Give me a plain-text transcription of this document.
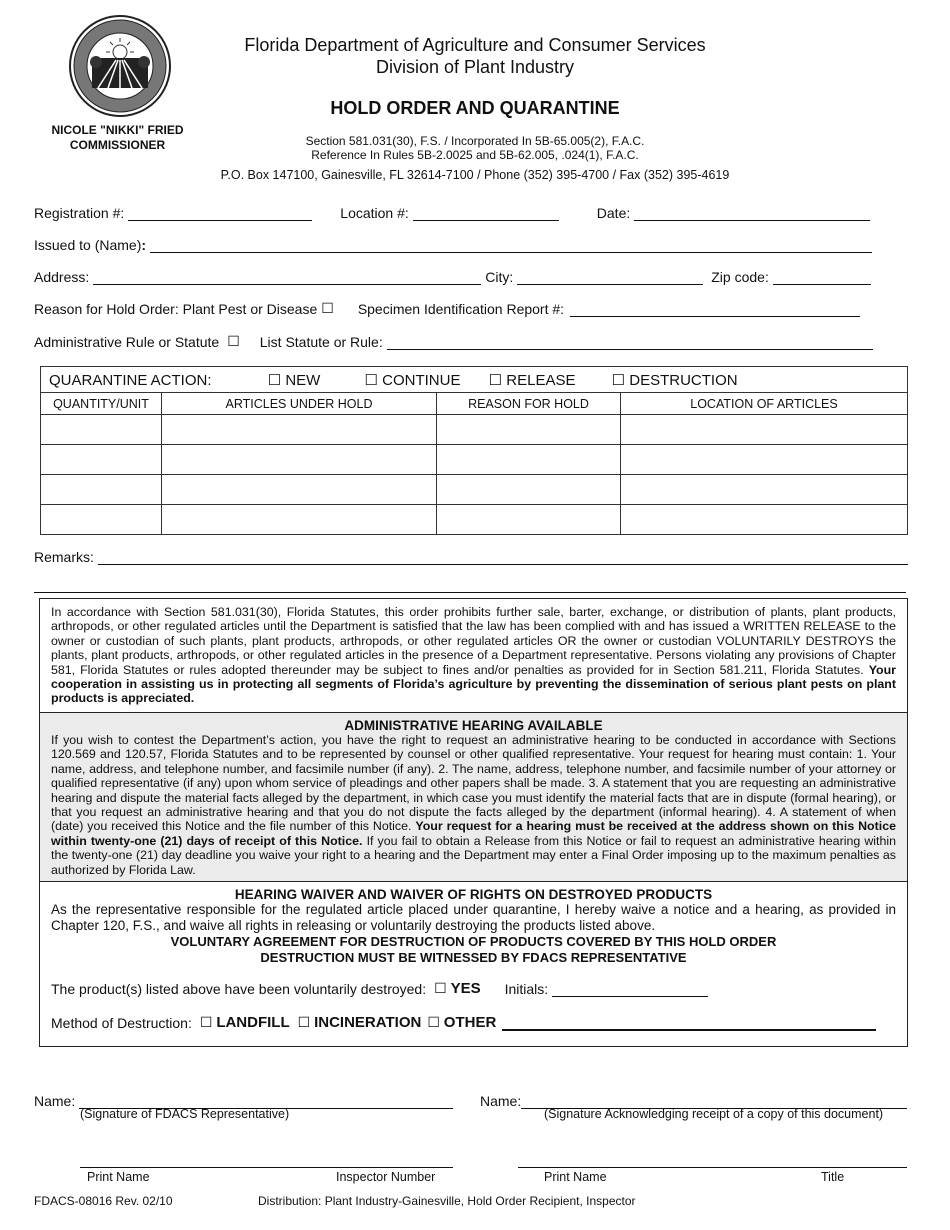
NICOLE "NIKKI" FRIED
COMMISSIONER
Florida Department of Agriculture and Consumer Services
Division of Plant Industry
HOLD ORDER AND QUARANTINE
Section 581.031(30), F.S. / Incorporated In 5B-65.005(2), F.A.C.
Reference In Rules 5B-2.0025 and 5B-62.005, .024(1), F.A.C.
P.O. Box 147100, Gainesville, FL 32614-7100 / Phone (352) 395-4700 / Fax (352) 395-4619
Registration #:	Location #:	Date:
Issued to (Name) :
Address:	City:	Zip code:
Reason for Hold Order: Plant Pest or Disease ☐ Specimen Identification Report #:
Administrative Rule or Statute ☐ List Statute or Rule:
QUARANTINE ACTION: ☐ NEW ☐ CONTINUE ☐ RELEASE ☐ DESTRUCTION			
QUANTITY/UNIT	ARTICLES UNDER HOLD	REASON FOR HOLD	LOCATION OF ARTICLES

Remarks:
In accordance with Section 581.031(30), Florida Statutes, this order prohibits further sale, barter, exchange, or distribution of plants, plant products, arthropods, or other regulated articles until the Department is satisfied that the law has been complied with and has issued a WRITTEN RELEASE to the owner or custodian of such plants, plant products, arthropods, or other regulated articles OR the owner or custodian VOLUNTARILY DESTROYS the plants, plant products, arthropods, or other regulated articles in the presence of a Department representative. Persons violating any provisions of Chapter 581, Florida Statutes or rules adopted thereunder may be subject to fines and/or penalties as provided for in Section 581.211, Florida Statutes. Your cooperation in assisting us in protecting all segments of Florida’s agriculture by preventing the dissemination of serious plant pests on plant products is appreciated.
ADMINISTRATIVE HEARING AVAILABLE
If you wish to contest the Department’s action, you have the right to request an administrative hearing to be conducted in accordance with Sections 120.569 and 120.57, Florida Statutes and to be represented by counsel or other qualified representative. Your request for hearing must contain: 1. Your name, address, and telephone number, and facsimile number (if any). 2. The name, address, telephone number, and facsimile number of your attorney or qualified representative (if any) upon whom service of pleadings and other papers shall be made. 3. A statement that you are requesting an administrative hearing and dispute the material facts alleged by the department, in which case you must identify the material facts that are in dispute (formal hearing), or that you request an administrative hearing and that you do not dispute the facts alleged by the department (informal hearing). 4. A statement of when (date) you received this Notice and the file number of this Notice. Your request for a hearing must be received at the address shown on this Notice within twenty-one (21) days of receipt of this Notice. If you fail to obtain a Release from this Notice or fail to request an administrative hearing within the twenty-one (21) day deadline you waive your right to a hearing and the Department may enter a Final Order imposing up to the maximum penalties as authorized by Florida Law.
HEARING WAIVER AND WAIVER OF RIGHTS ON DESTROYED PRODUCTS
As the representative responsible for the regulated article placed under quarantine, I hereby waive a notice and a hearing, as provided in Chapter 120, F.S., and waive all rights in releasing or voluntarily destroying the products listed above.
VOLUNTARY AGREEMENT FOR DESTRUCTION OF PRODUCTS COVERED BY THIS HOLD ORDER
DESTRUCTION MUST BE WITNESSED BY FDACS REPRESENTATIVE
The product(s) listed above have been voluntarily destroyed: ☐ YES Initials:
Method of Destruction: ☐ LANDFILL ☐ INCINERATION ☐ OTHER
Name:
(Signature of FDACS Representative)
Name:
(Signature Acknowledging receipt of a copy of this document)
Print Name	Inspector Number	Print Name	Title
FDACS-08016 Rev. 02/10	Distribution: Plant Industry-Gainesville, Hold Order Recipient, Inspector
